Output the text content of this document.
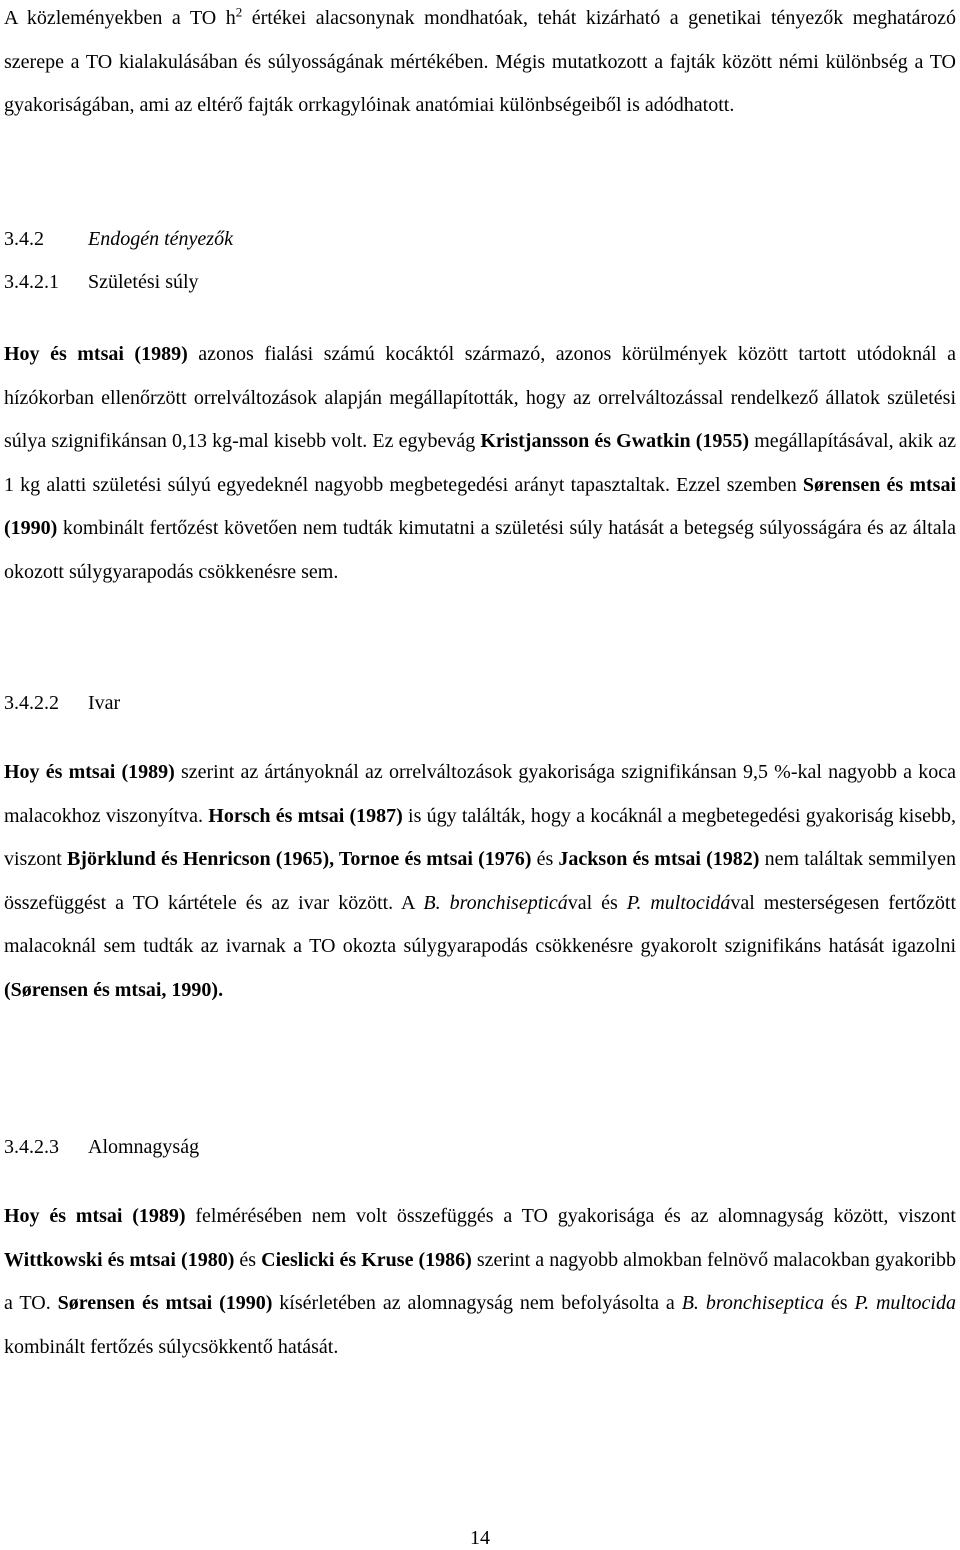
A közleményekben a TO $h^2$ értékei alacsonynak mondhatóak, tehát kizárható a genetikai tényezők meghatározó szerepe a TO kialakulásában és súlyosságának mértékében. Mégis mutatkozott a fajták között némi különbség a TO gyakoriságában, ami az eltérő fajták orrkagylóinak anatómiai különbségeiből is adódhatott.

3.4.2 Endogén tényezők
3.4.2.1 Születési súly

Hoy és mtsai (1989) azonos fialási számú kocáktól származó, azonos körülmények között tartott utódoknál a hízókorban ellenőrzött orrelváltozások alapján megállapították, hogy az orrelváltozással rendelkező állatok születési súlya szignifikánsan 0,13 kg-mal kisebb volt. Ez egybevág Kristjansson és Gwatkin (1955) megállapításával, akik az 1 kg alatti születési súlyú egyedeknél nagyobb megbetegedési arányt tapasztaltak. Ezzel szemben Sørensen és mtsai (1990) kombinált fertőzést követően nem tudták kimutatni a születési súly hatását a betegség súlyosságára és az általa okozott súlygyarapodás csökkenésre sem.

3.4.2.2 Ivar

Hoy és mtsai (1989) szerint az ártányoknál az orrelváltozások gyakorisága szignifikánsan 9,5 %-kal nagyobb a koca malacokhoz viszonyítva. Horsch és mtsai (1987) is úgy találták, hogy a kocáknál a megbetegedési gyakoriság kisebb, viszont Björklund és Henricson (1965), Tornoe és mtsai (1976) és Jackson és mtsai (1982) nem találtak semmilyen összefüggést a TO kártétele és az ivar között. A B. bronchisepticával és P. multocidával mesterségesen fertőzött malacoknál sem tudták az ivarnak a TO okozta súlygyarapodás csökkenésre gyakorolt szignifikáns hatását igazolni (Sørensen és mtsai, 1990).

3.4.2.3 Alomnagyság

Hoy és mtsai (1989) felmérésében nem volt összefüggés a TO gyakorisága és az alomnagyság között, viszont Wittkowski és mtsai (1980) és Cieslicki és Kruse (1986) szerint a nagyobb almokban felnövő malacokban gyakoribb a TO. Sørensen és mtsai (1990) kísérletében az alomnagyság nem befolyásolta a B. bronchiseptica és P. multocida kombinált fertőzés súlycsökkentő hatását.

14
